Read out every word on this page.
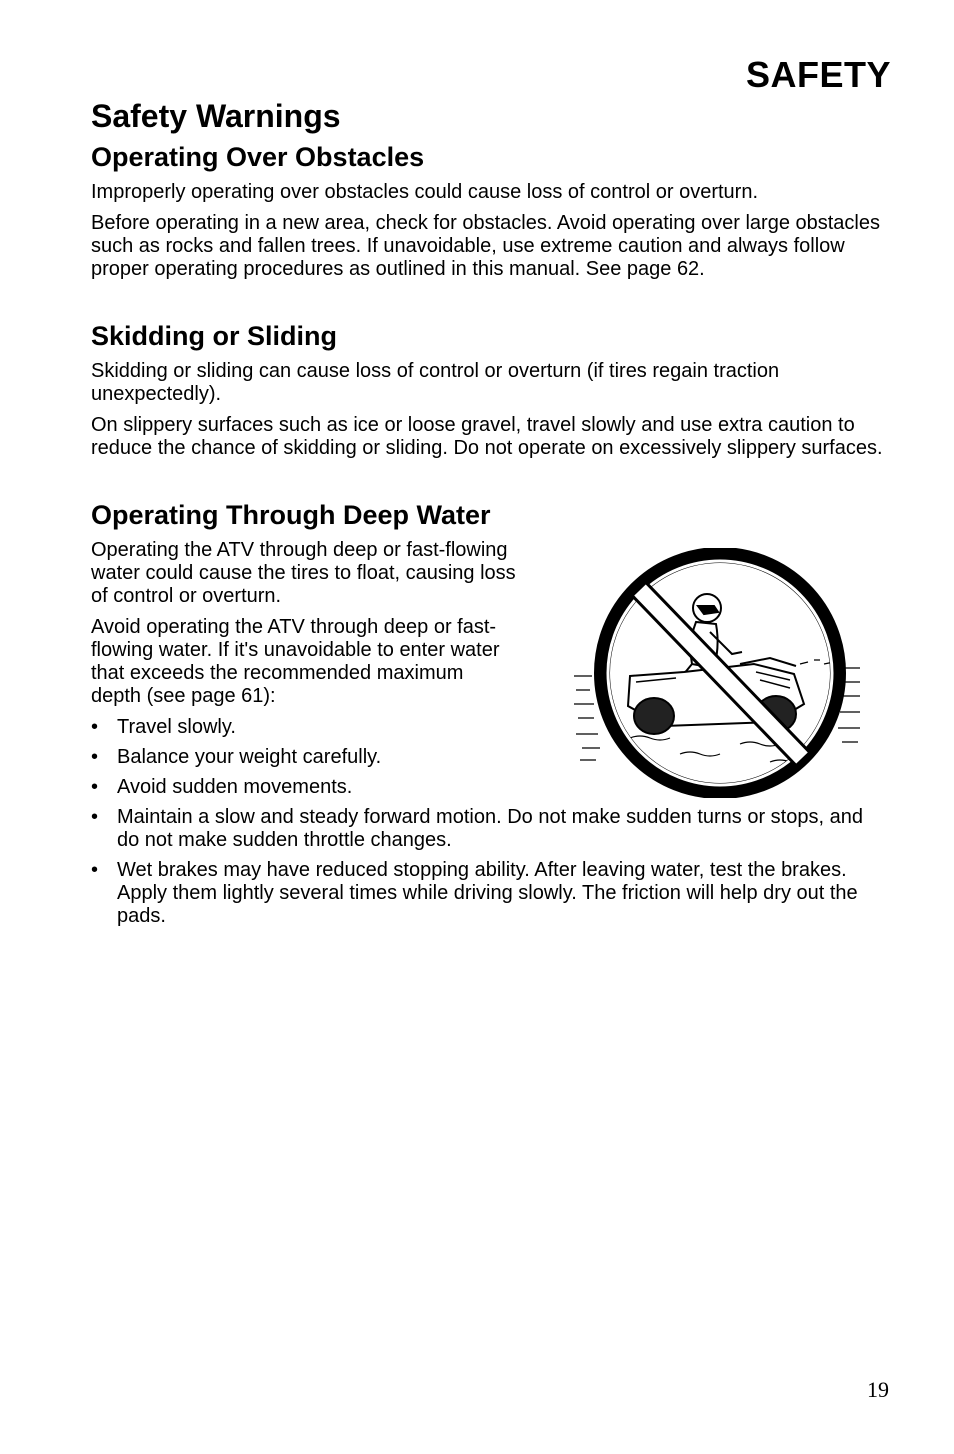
SAFETY
Safety Warnings
Operating Over Obstacles

Improperly operating over obstacles could cause loss of control or overturn.

Before operating in a new area, check for obstacles. Avoid operating over large obstacles such as rocks and fallen trees. If unavoidable, use extreme caution and always follow proper operating procedures as outlined in this manual. See page 62.

Skidding or Sliding

Skidding or sliding can cause loss of control or overturn (if tires regain traction unexpectedly).

On slippery surfaces such as ice or loose gravel, travel slowly and use extra caution to reduce the chance of skidding or sliding. Do not operate on excessively slippery surfaces.

Operating Through Deep Water

Operating the ATV through deep or fast-flowing water could cause the tires to float, causing loss of control or overturn.

Avoid operating the ATV through deep or fast-flowing water. If it's unavoidable to enter water that exceeds the recommended maximum depth (see page 61):

• Travel slowly.
• Balance your weight carefully.
• Avoid sudden movements.
• Maintain a slow and steady forward motion. Do not make sudden turns or stops, and do not make sudden throttle changes.
• Wet brakes may have reduced stopping ability. After leaving water, test the brakes. Apply them lightly several times while driving slowly. The friction will help dry out the pads.

19
